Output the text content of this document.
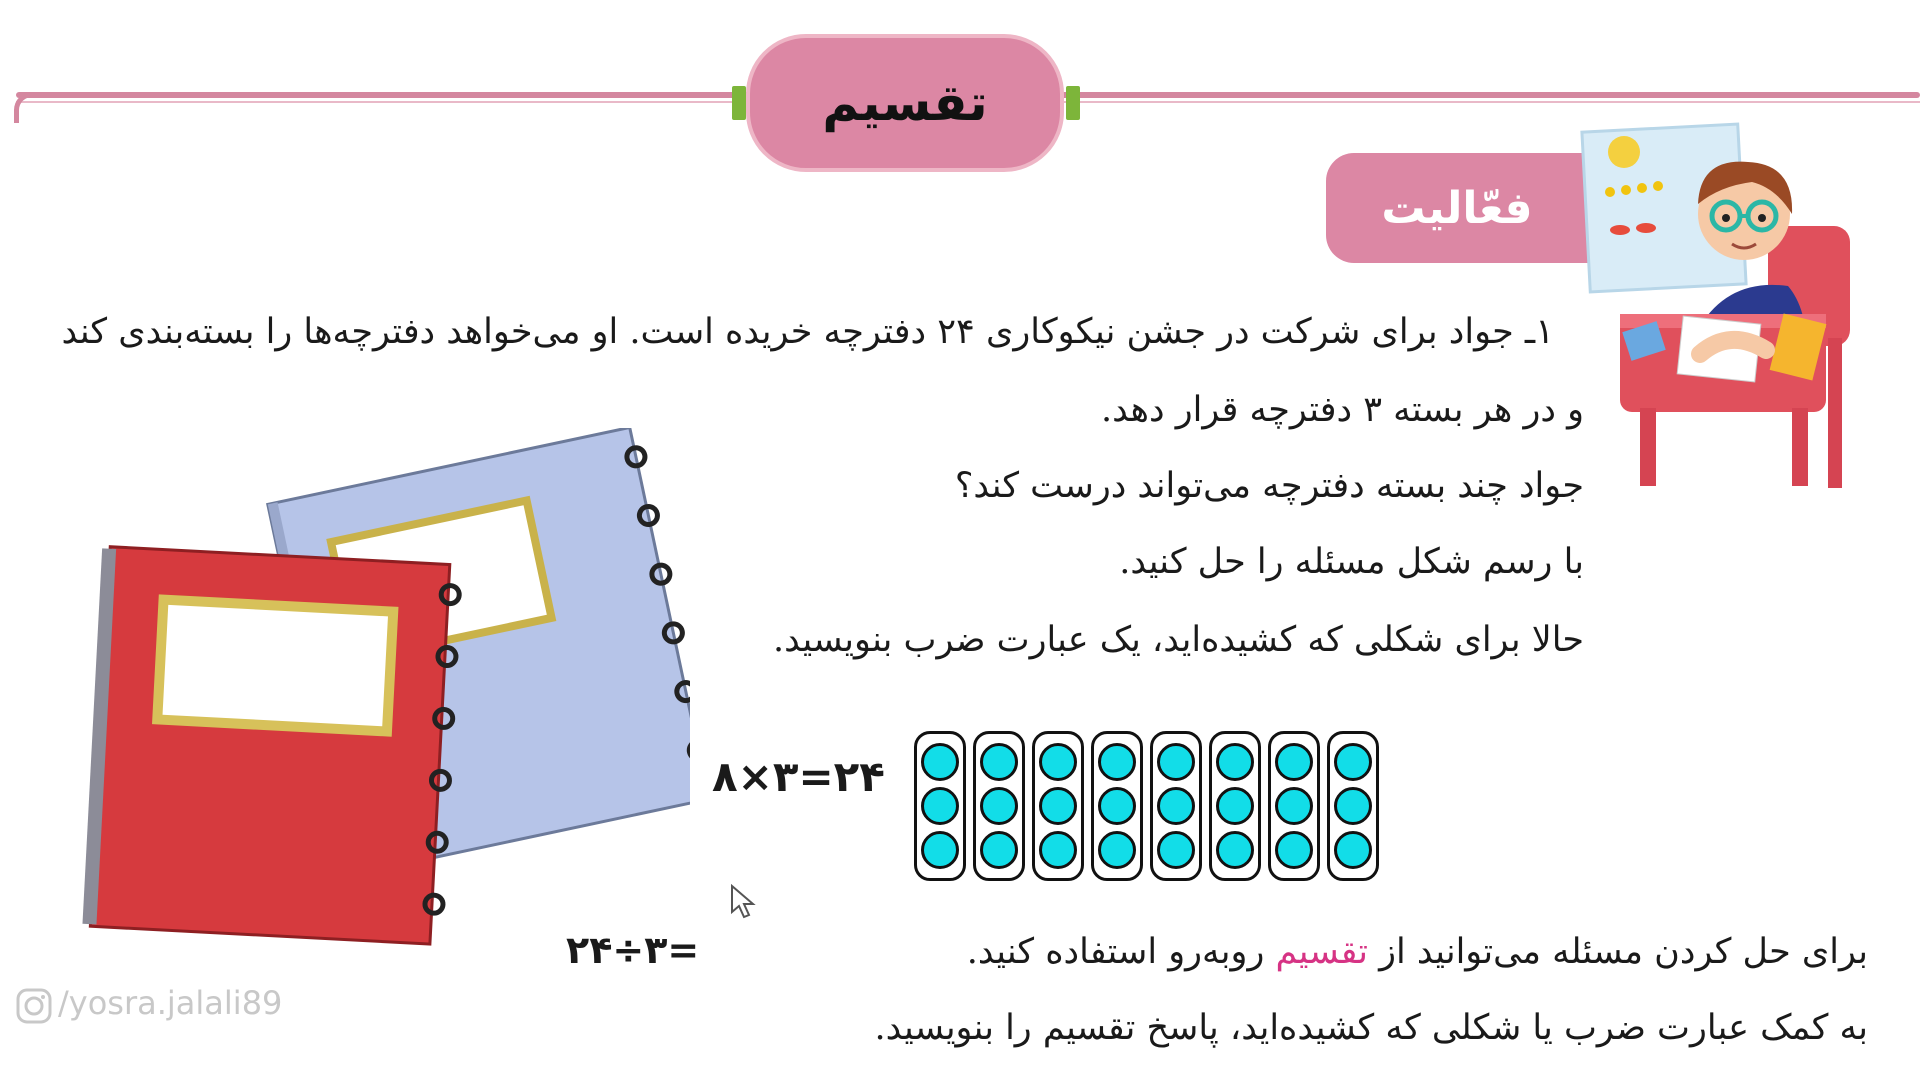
تقسیم
فعّالیت
۱ـ جواد برای شرکت در جشن نیکوکاری ۲۴ دفترچه خریده است. او می‌خواهد دفترچه‌ها را بسته‌بندی کند
و در هر بسته ۳ دفترچه قرار دهد.
جواد چند بسته دفترچه می‌تواند درست کند؟
با رسم شکل مسئله را حل کنید.
حالا برای شکلی که کشیده‌اید، یک عبارت ضرب بنویسید.
۸×۳=۲۴
۲۴÷۳=	برای حل کردن مسئله می‌توانید از تقسیم روبه‌رو استفاده کنید.
به کمک عبارت ضرب یا شکلی که کشیده‌اید، پاسخ تقسیم را بنویسید.
/yosra.jalali89
